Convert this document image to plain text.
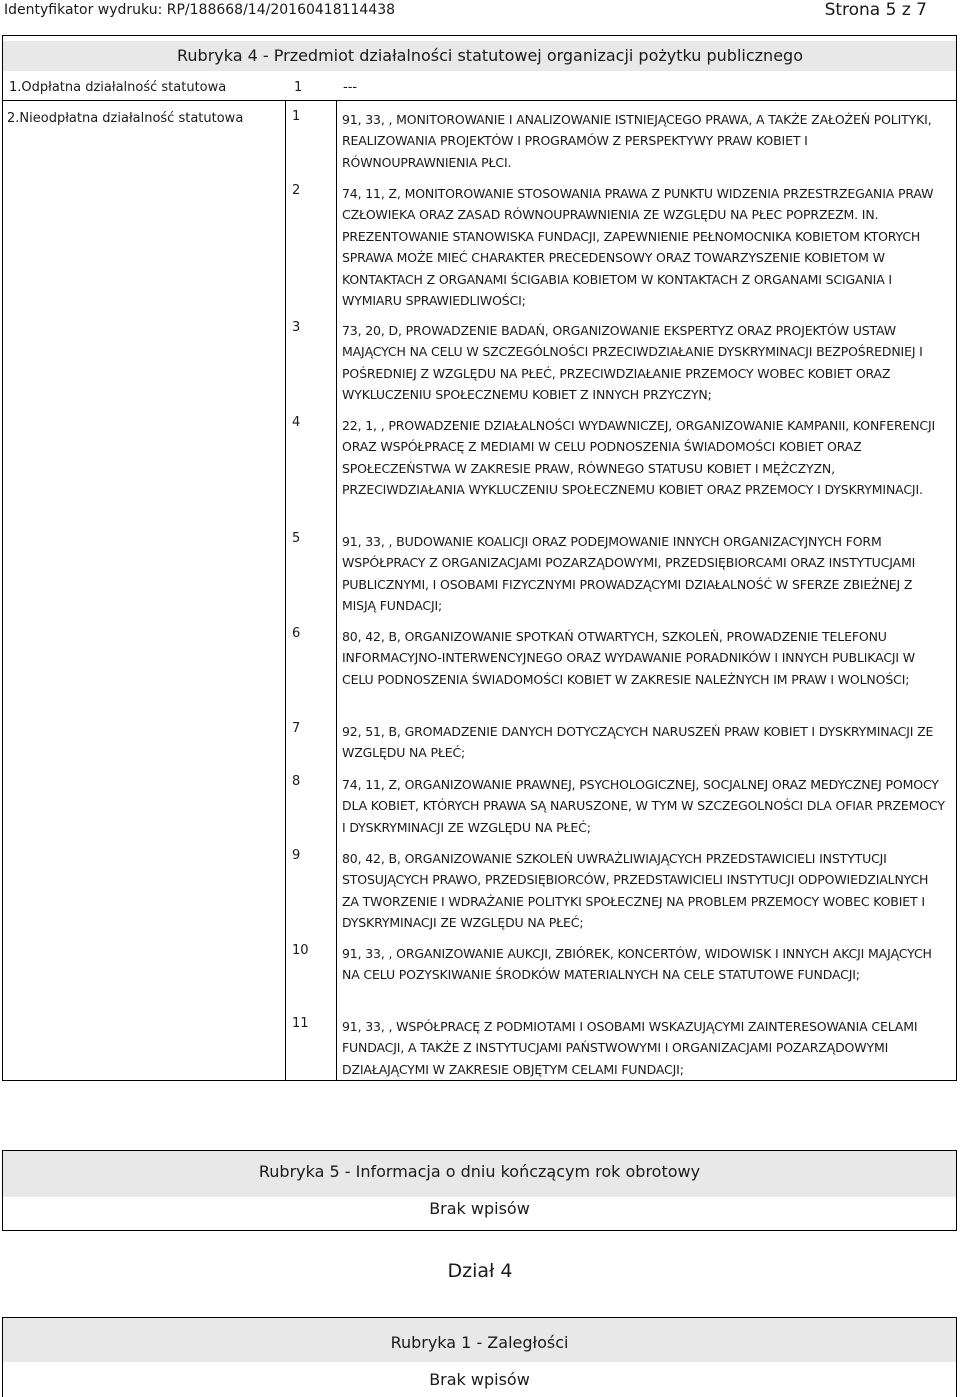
Identyfikator wydruku: RP/188668/14/20160418114438	Strona 5 z 7
Rubryka 4 - Przedmiot działalności statutowej organizacji pożytku publicznego
1.Odpłatna działalność statutowa	1	---
2.Nieodpłatna działalność statutowa	1	91, 33, , MONITOROWANIE I ANALIZOWANIE ISTNIEJĄCEGO PRAWA, A TAKŻE ZAŁOŻEŃ POLITYKI, REALIZOWANIA PROJEKTÓW I PROGRAMÓW Z PERSPEKTYWY PRAW KOBIET I RÓWNOUPRAWNIENIA PŁCI.
2	74, 11, Z, MONITOROWANIE STOSOWANIA PRAWA Z PUNKTU WIDZENIA PRZESTRZEGANIA PRAW CZŁOWIEKA ORAZ ZASAD RÓWNOUPRAWNIENIA ZE WZGLĘDU NA PŁEC POPRZEZM. IN. PREZENTOWANIE STANOWISKA FUNDACJI, ZAPEWNIENIE PEŁNOMOCNIKA KOBIETOM KTORYCH SPRAWA MOŻE MIEĆ CHARAKTER PRECEDENSOWY ORAZ TOWARZYSZENIE KOBIETOM W KONTAKTACH Z ORGANAMI ŚCIGABIA KOBIETOM W KONTAKTACH Z ORGANAMI SCIGANIA I WYMIARU SPRAWIEDLIWOŚCI;
3	73, 20, D, PROWADZENIE BADAŃ, ORGANIZOWANIE EKSPERTYZ ORAZ PROJEKTÓW USTAW MAJĄCYCH NA CELU W SZCZEGÓLNOŚCI PRZECIWDZIAŁANIE DYSKRYMINACJI BEZPOŚREDNIEJ I POŚREDNIEJ Z WZGLĘDU NA PŁEĆ, PRZECIWDZIAŁANIE PRZEMOCY WOBEC KOBIET ORAZ WYKLUCZENIU SPOŁECZNEMU KOBIET Z INNYCH PRZYCZYN;
4	22, 1, , PROWADZENIE DZIAŁALNOŚCI WYDAWNICZEJ, ORGANIZOWANIE KAMPANII, KONFERENCJI ORAZ WSPÓŁPRACĘ Z MEDIAMI W CELU PODNOSZENIA ŚWIADOMOŚCI KOBIET ORAZ SPOŁECZEŃSTWA W ZAKRESIE PRAW, RÓWNEGO STATUSU KOBIET I MĘŻCZYZN, PRZECIWDZIAŁANIA WYKLUCZENIU SPOŁECZNEMU KOBIET ORAZ PRZEMOCY I DYSKRYMINACJI.
5	91, 33, , BUDOWANIE KOALICJI ORAZ PODEJMOWANIE INNYCH ORGANIZACYJNYCH FORM WSPÓŁPRACY Z ORGANIZACJAMI POZARZĄDOWYMI, PRZEDSIĘBIORCAMI ORAZ INSTYTUCJAMI PUBLICZNYMI, I OSOBAMI FIZYCZNYMI PROWADZĄCYMI DZIAŁALNOŚĆ W SFERZE ZBIEŻNEJ Z MISJĄ FUNDACJI;
6	80, 42, B, ORGANIZOWANIE SPOTKAŃ OTWARTYCH, SZKOLEŃ, PROWADZENIE TELEFONU INFORMACYJNO-INTERWENCYJNEGO ORAZ WYDAWANIE PORADNIKÓW I INNYCH PUBLIKACJI W CELU PODNOSZENIA ŚWIADOMOŚCI KOBIET W ZAKRESIE NALEŻNYCH IM PRAW I WOLNOŚCI;
7	92, 51, B, GROMADZENIE DANYCH DOTYCZĄCYCH NARUSZEŃ PRAW KOBIET I DYSKRYMINACJI ZE WZGLĘDU NA PŁEĆ;
8	74, 11, Z, ORGANIZOWANIE PRAWNEJ, PSYCHOLOGICZNEJ, SOCJALNEJ ORAZ MEDYCZNEJ POMOCY DLA KOBIET, KTÓRYCH PRAWA SĄ NARUSZONE, W TYM W SZCZEGOLNOŚCI DLA OFIAR PRZEMOCY I DYSKRYMINACJI ZE WZGLĘDU NA PŁEĆ;
9	80, 42, B, ORGANIZOWANIE SZKOLEŃ UWRAŻLIWIAJĄCYCH PRZEDSTAWICIELI INSTYTUCJI STOSUJĄCYCH PRAWO, PRZEDSIĘBIORCÓW, PRZEDSTAWICIELI INSTYTUCJI ODPOWIEDZIALNYCH ZA TWORZENIE I WDRAŻANIE POLITYKI SPOŁECZNEJ NA PROBLEM PRZEMOCY WOBEC KOBIET I DYSKRYMINACJI ZE WZGLĘDU NA PŁEĆ;
10	91, 33, , ORGANIZOWANIE AUKCJI, ZBIÓREK, KONCERTÓW, WIDOWISK I INNYCH AKCJI MAJĄCYCH NA CELU POZYSKIWANIE ŚRODKÓW MATERIALNYCH NA CELE STATUTOWE FUNDACJI;
11	91, 33, , WSPÓŁPRACĘ Z PODMIOTAMI I OSOBAMI WSKAZUJĄCYMI ZAINTERESOWANIA CELAMI FUNDACJI, A TAKŻE Z INSTYTUCJAMI PAŃSTWOWYMI I ORGANIZACJAMI POZARZĄDOWYMI DZIAŁAJĄCYMI W ZAKRESIE OBJĘTYM CELAMI FUNDACJI;
Rubryka 5 - Informacja o dniu kończącym rok obrotowy
Brak wpisów
Dział 4
Rubryka 1 - Zaległości
Brak wpisów
